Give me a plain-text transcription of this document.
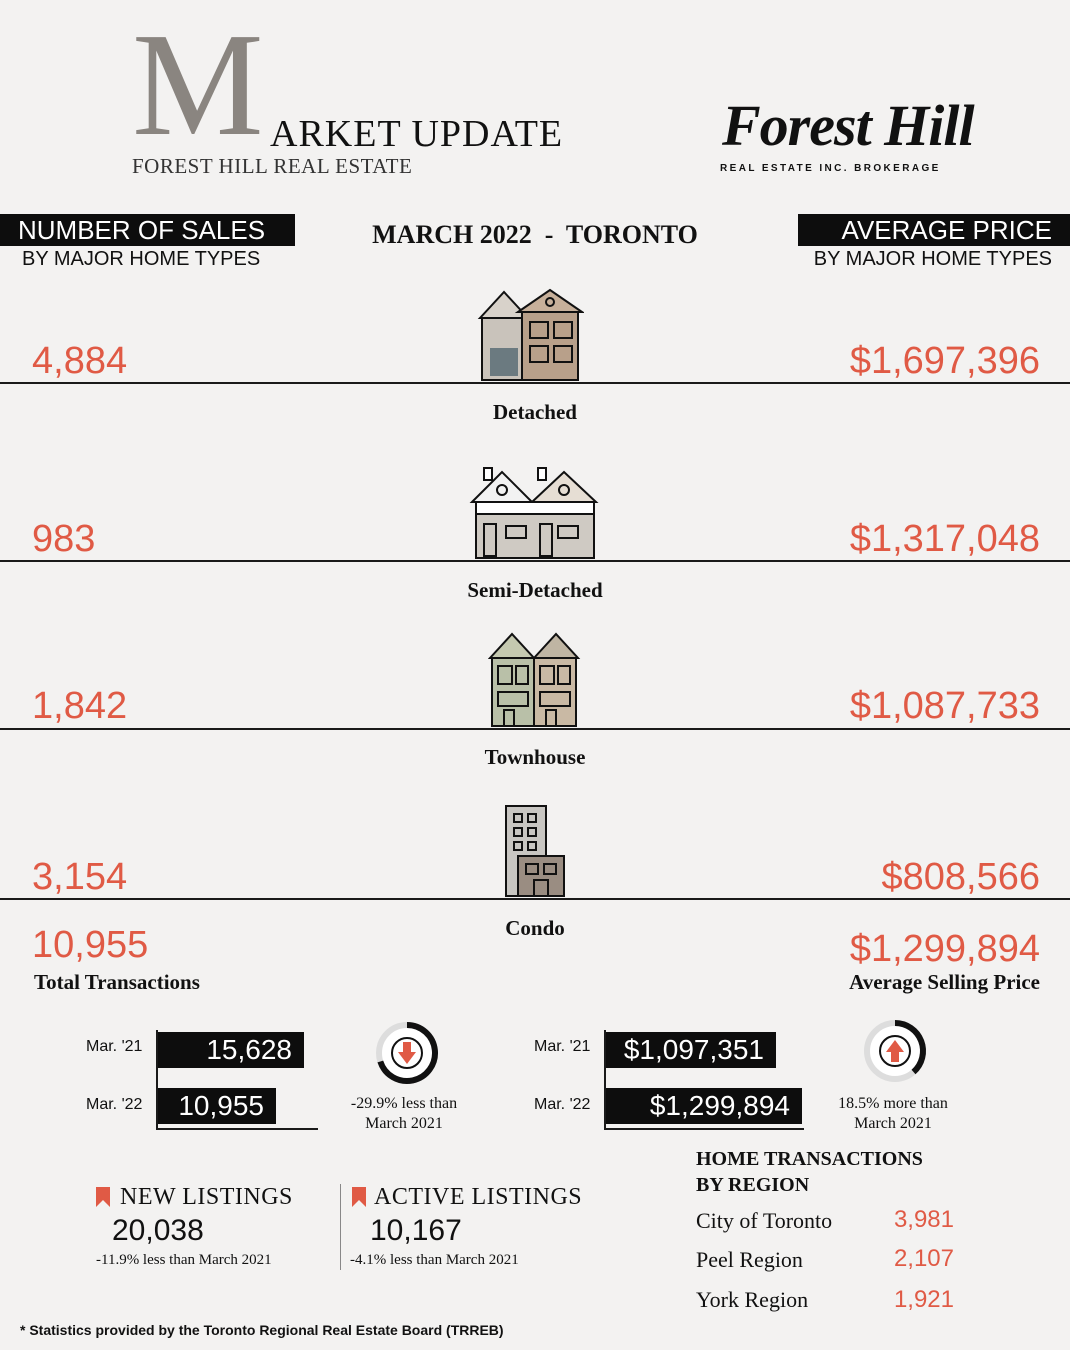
M ARKET UPDATE
FOREST HILL REAL ESTATE
Forest Hill
REAL ESTATE INC. BROKERAGE
NUMBER OF SALES
BY MAJOR HOME TYPES
AVERAGE PRICE
BY MAJOR HOME TYPES
MARCH 2022  -  TORONTO
4,884	$1,697,396
Detached
983	$1,317,048
Semi-Detached
1,842	$1,087,733
Townhouse
3,154	$808,566
Condo
10,955
Total Transactions
$1,299,894
Average Selling Price
Mar. '21
Mar. '22
15,628
10,955	-29.9% less than
March 2021
Mar. '21
Mar. '22
$1,097,351
$1,299,894	18.5% more than
March 2021
NEW LISTINGS
20,038
-11.9% less than March 2021
ACTIVE LISTINGS
10,167
-4.1% less than March 2021
HOME TRANSACTIONS
BY REGION
City of Toronto	3,981
Peel Region	2,107
York Region	1,921
* Statistics provided by the Toronto Regional Real Estate Board (TRREB)
